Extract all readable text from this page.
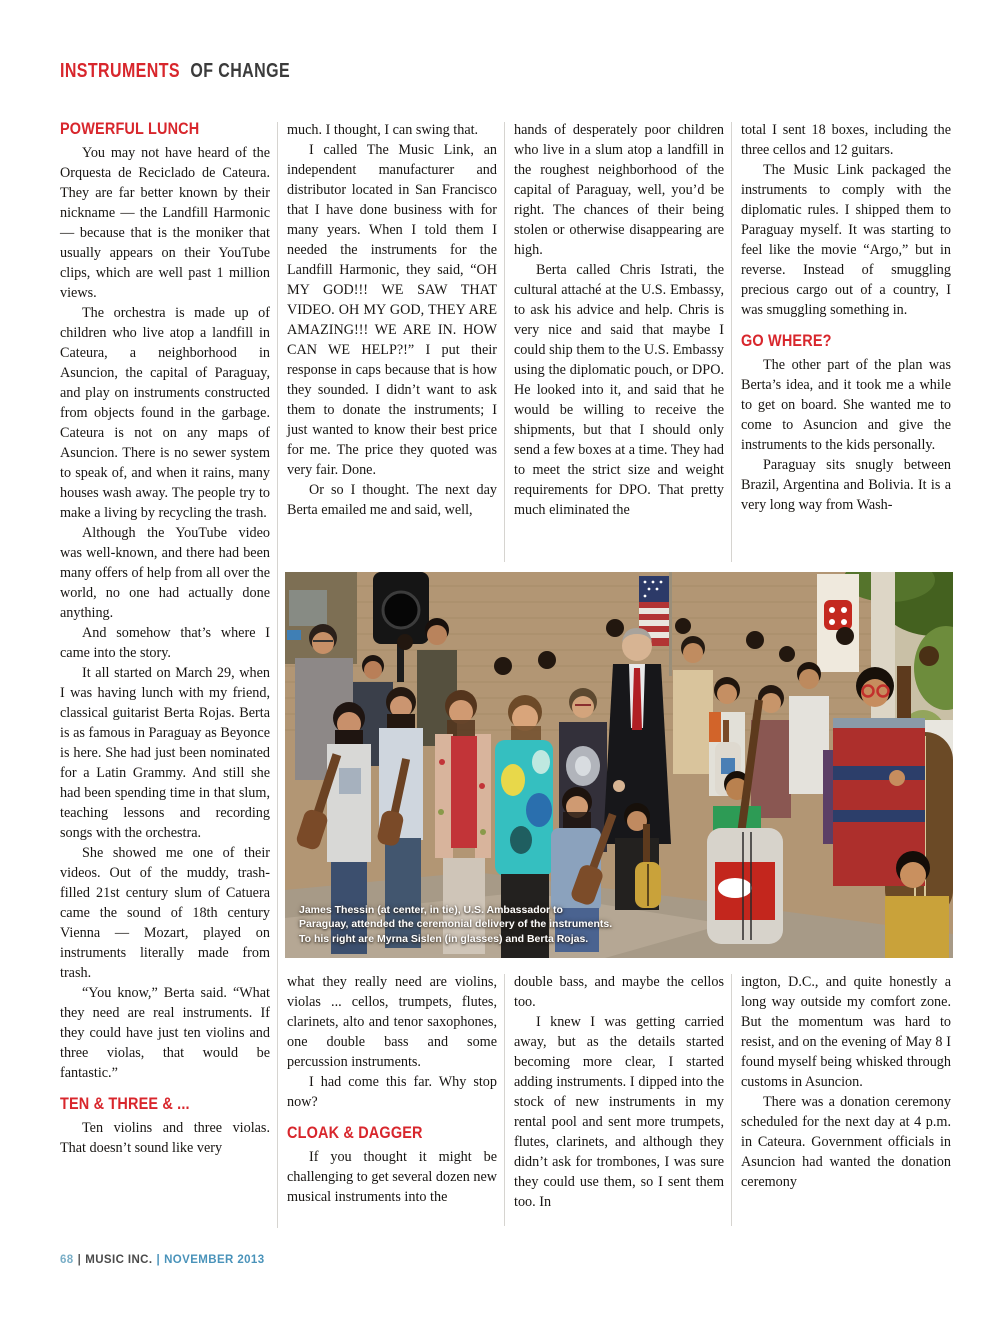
INSTRUMENTS OF CHANGE
POWERFUL LUNCH

You may not have heard of the Orquesta de Reciclado de Cateura. They are far better known by their nickname — the Landfill Harmonic — because that is the moniker that usually appears on their YouTube clips, which are well past 1 million views.

The orchestra is made up of children who live atop a landfill in Cateura, a neighborhood in Asuncion, the capital of Paraguay, and play on instruments constructed from objects found in the garbage. Cateura is not on any maps of Asuncion. There is no sewer system to speak of, and when it rains, many houses wash away. The people try to make a living by recycling the trash.

Although the YouTube video was well-known, and there had been many offers of help from all over the world, no one had actually done anything.

And somehow that’s where I came into the story.

It all started on March 29, when I was having lunch with my friend, classical guitarist Berta Rojas. Berta is as famous in Paraguay as Beyonce is here. She had just been nominated for a Latin Grammy. And still she had been spending time in that slum, teaching lessons and recording songs with the orchestra.

She showed me one of their videos. Out of the muddy, trash-filled 21st century slum of Catuera came the sound of 18th century Vienna — Mozart, played on instruments literally made from trash.

“You know,” Berta said. “What they need are real instruments. If they could have just ten violins and three violas, that would be fantastic.”

TEN & THREE & ...

Ten violins and three violas. That doesn’t sound like very

much. I thought, I can swing that.

I called The Music Link, an independent manufacturer and distributor located in San Francisco that I have done business with for many years. When I told them I needed the instruments for the Landfill Harmonic, they said, “OH MY GOD!!! WE SAW THAT VIDEO. OH MY GOD, THEY ARE AMAZING!!! WE ARE IN. HOW CAN WE HELP?!” I put their response in caps because that is how they sounded. I didn’t want to ask them to donate the instruments; I just wanted to know their best price for me. The price they quoted was very fair. Done.

Or so I thought. The next day Berta emailed me and said, well,

hands of desperately poor children who live in a slum atop a landfill in the roughest neighborhood of the capital of Paraguay, well, you’d be right. The chances of their being stolen or otherwise disappearing are high.

Berta called Chris Istrati, the cultural attaché at the U.S. Embassy, to ask his advice and help. Chris is very nice and said that maybe I could ship them to the U.S. Embassy using the diplomatic pouch, or DPO. He looked into it, and said that he would be willing to receive the shipments, but that I should only send a few boxes at a time. They had to meet the strict size and weight requirements for DPO. That pretty much eliminated the

total I sent 18 boxes, including the three cellos and 12 guitars.

The Music Link packaged the instruments to comply with the diplomatic rules. I shipped them to Paraguay myself. It was starting to feel like the movie “Argo,” but in reverse. Instead of smuggling precious cargo out of a country, I was smuggling something in.

GO WHERE?

The other part of the plan was Berta’s idea, and it took me a while to get on board. She wanted me to come to Asuncion and give the instruments to the kids personally.

Paraguay sits snugly between Brazil, Argentina and Bolivia. It is a very long way from Wash-

what they really need are violins, violas ... cellos, trumpets, flutes, clarinets, alto and tenor saxophones, one double bass and some percussion instruments.

I had come this far. Why stop now?

CLOAK & DAGGER

If you thought it might be challenging to get several dozen new musical instruments into the

double bass, and maybe the cellos too.

I knew I was getting carried away, but as the details started becoming more clear, I started adding instruments. I dipped into the stock of new instruments in my rental pool and sent more trumpets, flutes, clarinets, and although they didn’t ask for trombones, I was sure they could use them, so I sent them too. In

ington, D.C., and quite honestly a long way outside my comfort zone. But the momentum was hard to resist, and on the evening of May 8 I found myself being whisked through customs in Asuncion.

There was a donation ceremony scheduled for the next day at 4 p.m. in Cateura. Government officials in Asuncion had wanted the donation ceremony

James Thessin (at center, in tie), U.S. Ambassador to
Paraguay, attended the ceremonial delivery of the instruments.
To his right are Myrna Sislen (in glasses) and Berta Rojas.
68 | MUSIC INC. | NOVEMBER 2013
